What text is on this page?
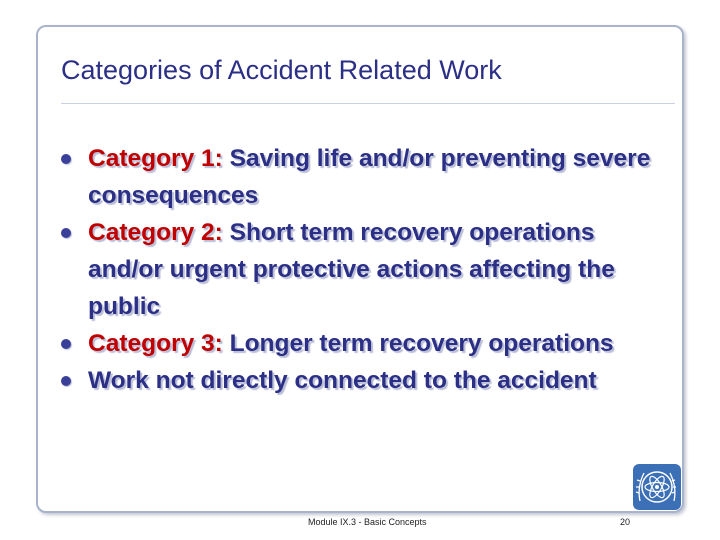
Categories of Accident Related Work
Category 1: Saving life and/or preventing severe consequences
Category 2: Short term recovery operations and/or urgent protective actions affecting the public
Category 3: Longer term recovery operations
Work not directly connected to the accident
Module IX.3 - Basic Concepts	20
